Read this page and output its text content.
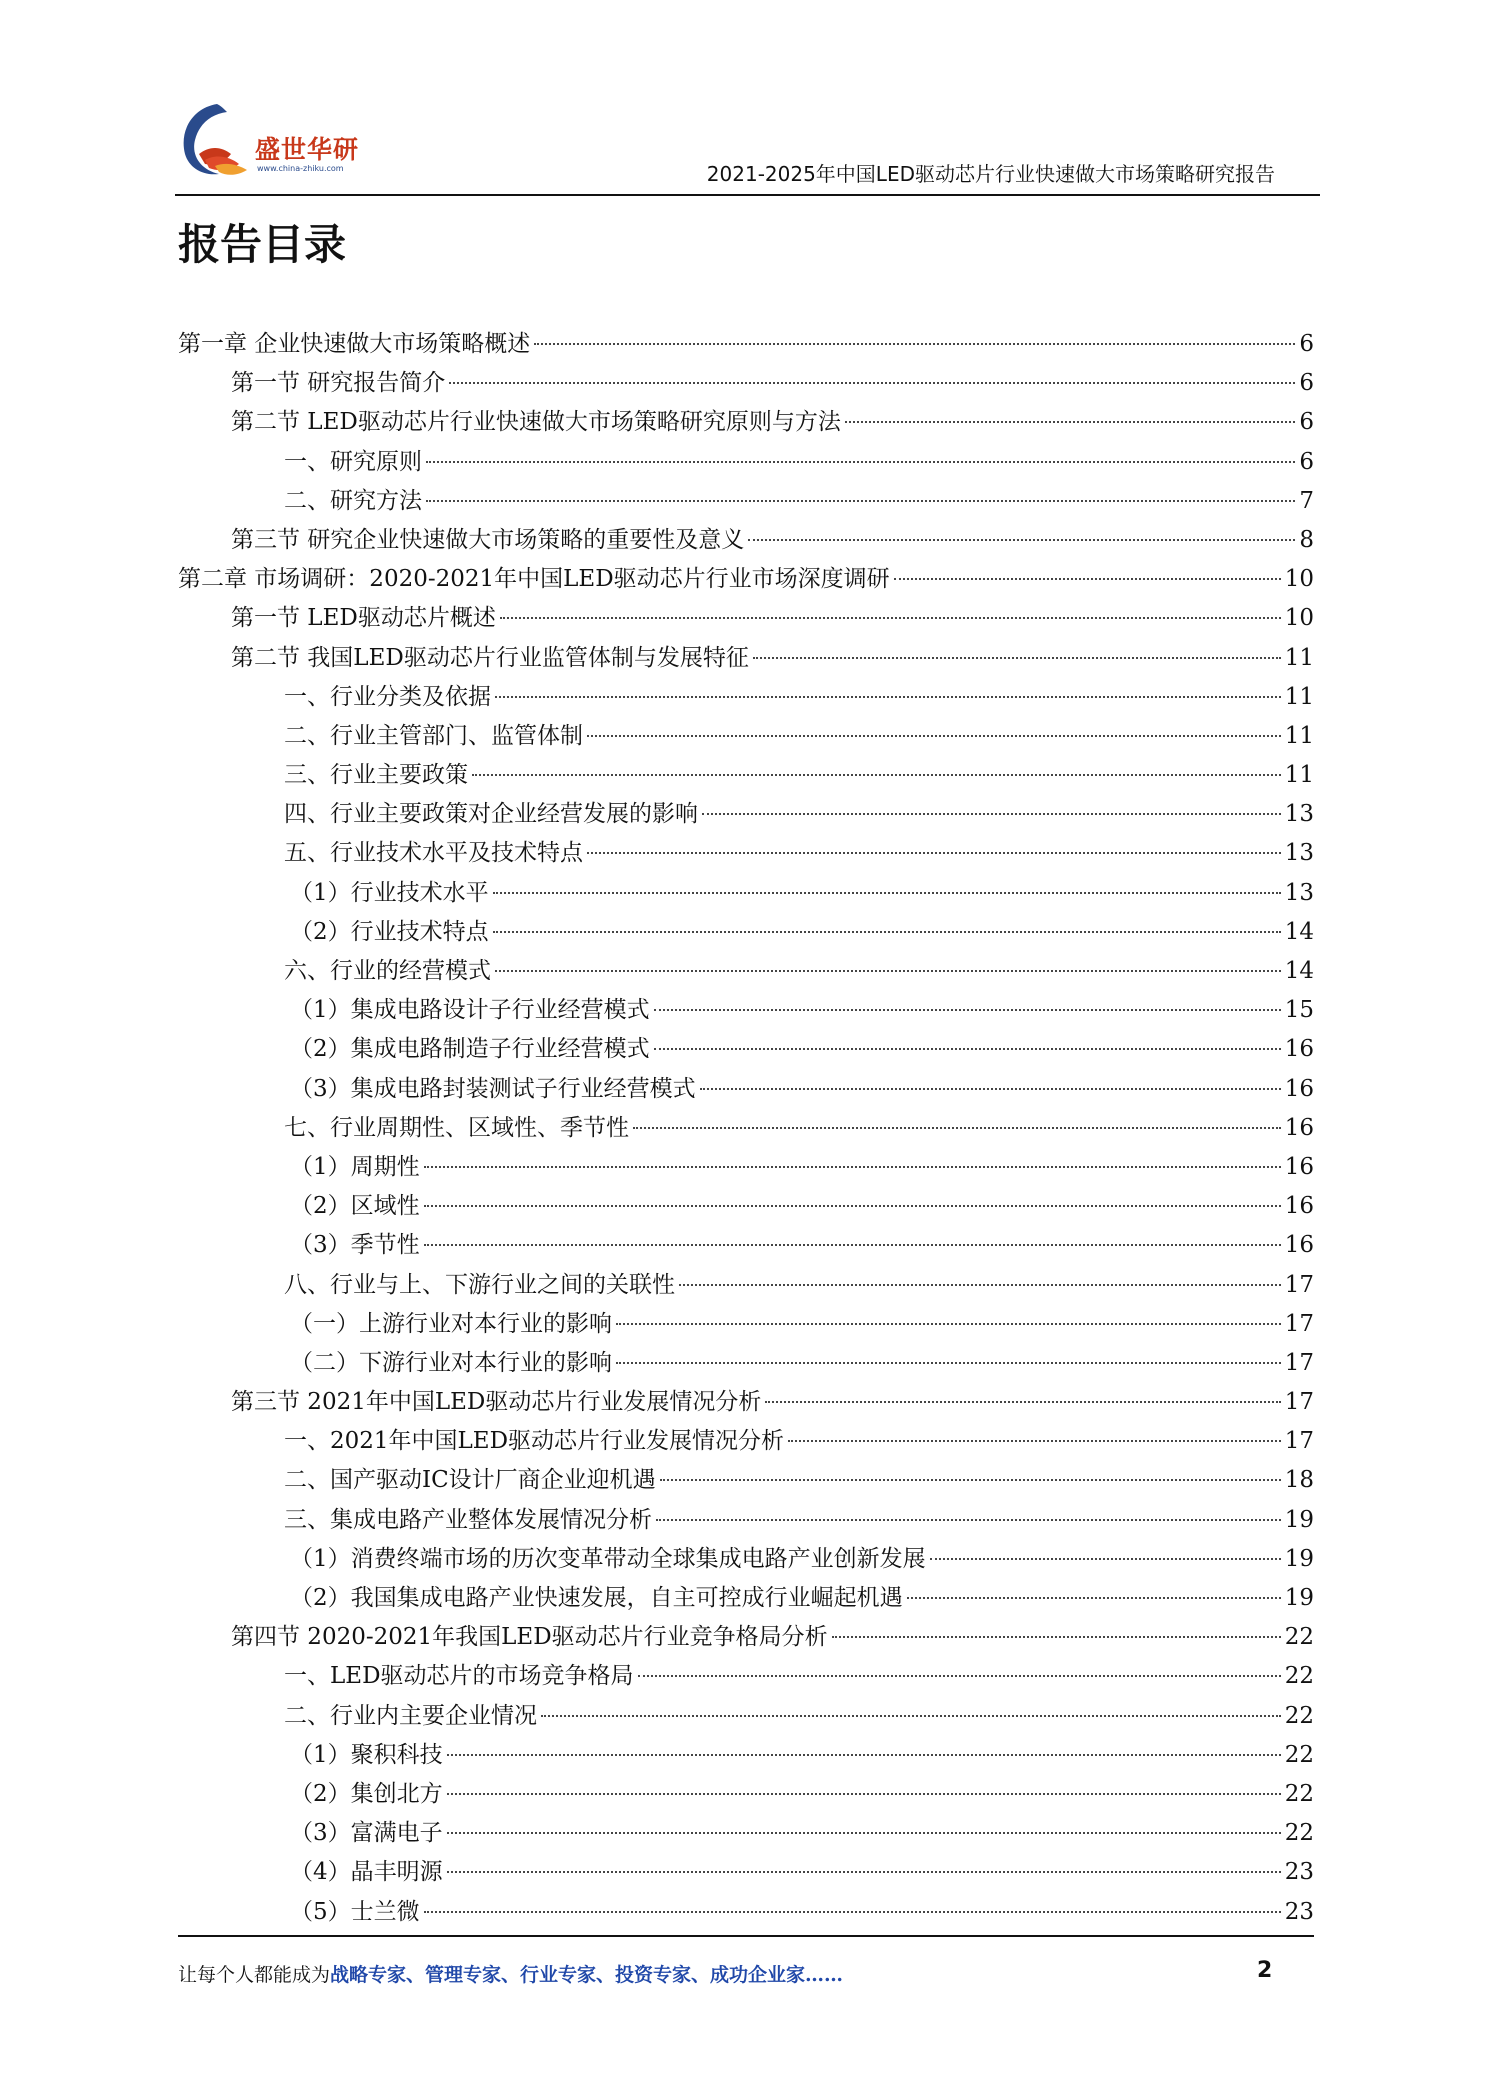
盛世华研
www.china-zhiku.com	2021-2025年中国LED驱动芯片行业快速做大市场策略研究报告
报告目录
第一章 企业快速做大市场策略概述	6
第一节 研究报告简介	6
第二节 LED驱动芯片行业快速做大市场策略研究原则与方法	6
一、研究原则	6
二、研究方法	7
第三节 研究企业快速做大市场策略的重要性及意义	8
第二章 市场调研：2020-2021年中国LED驱动芯片行业市场深度调研	10
第一节 LED驱动芯片概述	10
第二节 我国LED驱动芯片行业监管体制与发展特征	11
一、行业分类及依据	11
二、行业主管部门、监管体制	11
三、行业主要政策	11
四、行业主要政策对企业经营发展的影响	13
五、行业技术水平及技术特点	13
（1）行业技术水平	13
（2）行业技术特点	14
六、行业的经营模式	14
（1）集成电路设计子行业经营模式	15
（2）集成电路制造子行业经营模式	16
（3）集成电路封装测试子行业经营模式	16
七、行业周期性、区域性、季节性	16
（1）周期性	16
（2）区域性	16
（3）季节性	16
八、行业与上、下游行业之间的关联性	17
（一）上游行业对本行业的影响	17
（二）下游行业对本行业的影响	17
第三节 2021年中国LED驱动芯片行业发展情况分析	17
一、2021年中国LED驱动芯片行业发展情况分析	17
二、国产驱动IC设计厂商企业迎机遇	18
三、集成电路产业整体发展情况分析	19
（1）消费终端市场的历次变革带动全球集成电路产业创新发展	19
（2）我国集成电路产业快速发展，自主可控成行业崛起机遇	19
第四节 2020-2021年我国LED驱动芯片行业竞争格局分析	22
一、LED驱动芯片的市场竞争格局	22
二、行业内主要企业情况	22
（1）聚积科技	22
（2）集创北方	22
（3）富满电子	22
（4）晶丰明源	23
（5）士兰微	23
让每个人都能成为战略专家、管理专家、行业专家、投资专家、成功企业家……	2
